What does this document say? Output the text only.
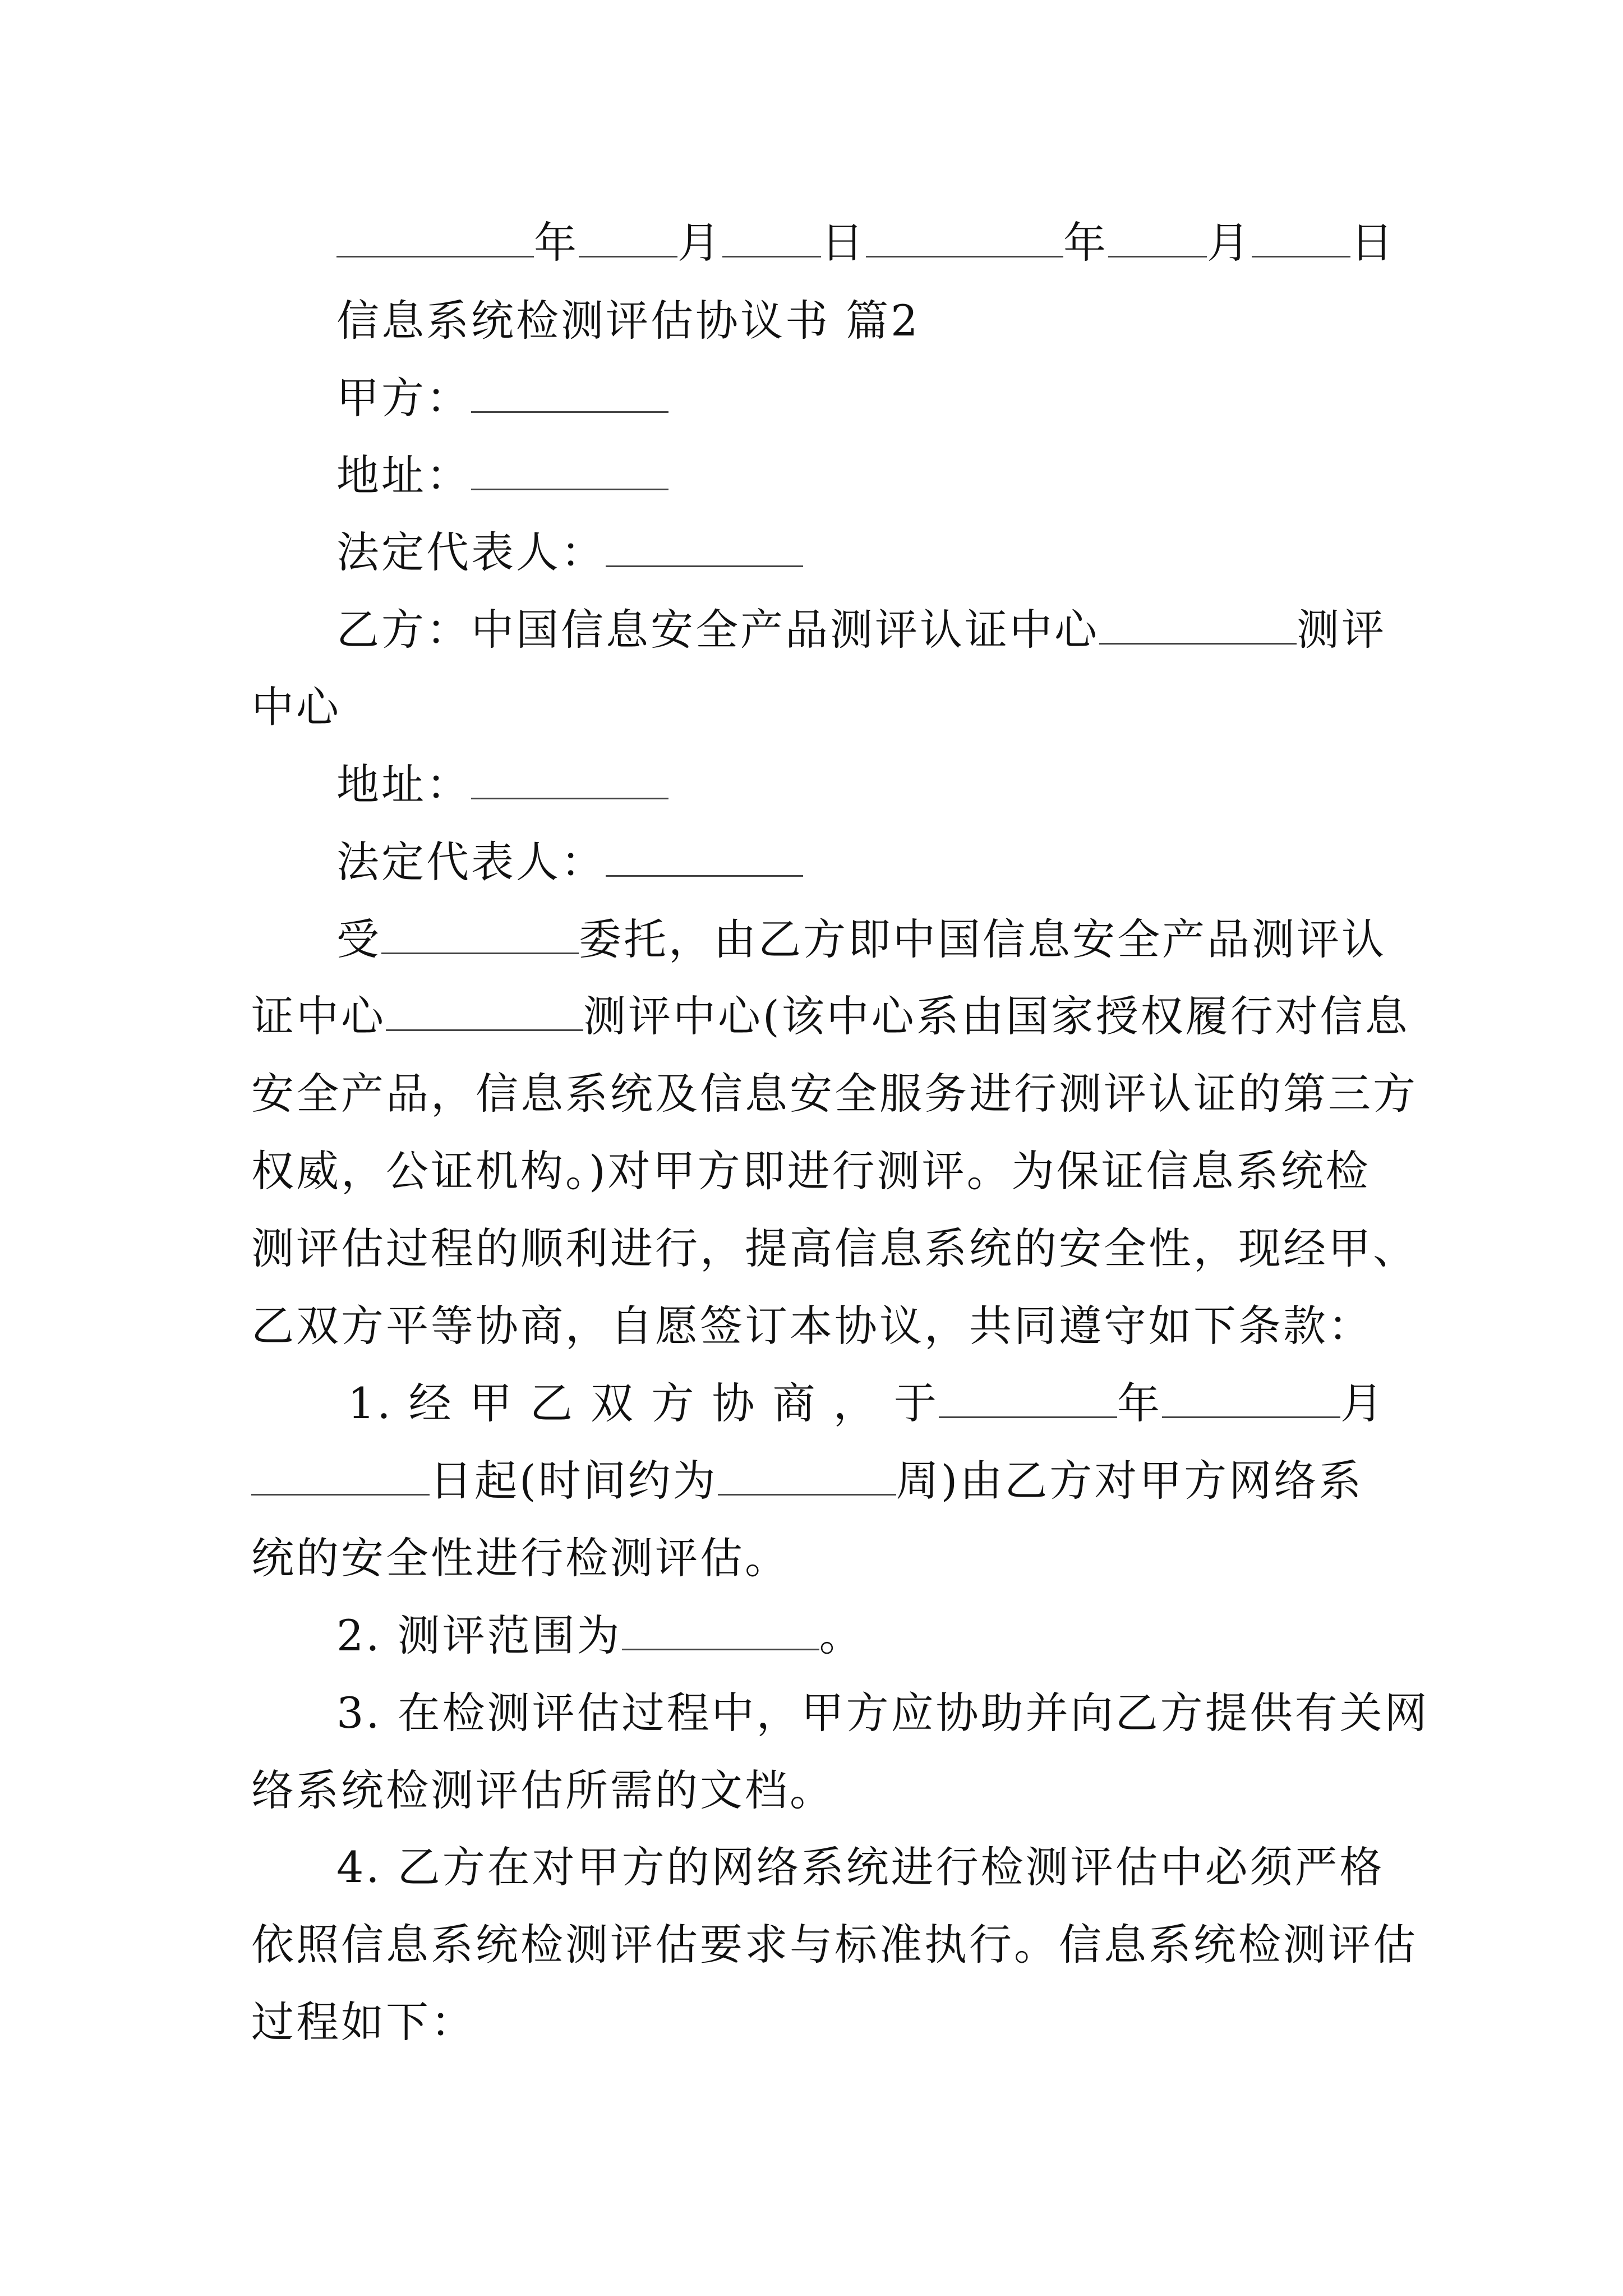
年 月 日	年 月 日
信息系统检测评估协议书 篇2
甲方：
地址：
法定代表人：
乙方：中国信息安全产品测评认证中心	测评
中心
地址：
法定代表人：
受	委托，由乙方即中国信息安全产品测评认
证中心	测评中心(该中心系由国家授权履行对信息
安全产品，信息系统及信息安全服务进行测评认证的第三方
权威，公证机构。)对甲方即进行测评。为保证信息系统检
测评估过程的顺利进行，提高信息系统的安全性，现经甲、
乙双方平等协商，自愿签订本协议，共同遵守如下条款：
1. 经 甲 乙 双 方 协 商 ， 于	年	月
日起(时间约为	周)由乙方对甲方网络系
统的安全性进行检测评估。
2. 测评范围为	。
3. 在检测评估过程中，甲方应协助并向乙方提供有关网
络系统检测评估所需的文档。
4. 乙方在对甲方的网络系统进行检测评估中必须严格
依照信息系统检测评估要求与标准执行。信息系统检测评估
过程如下：
